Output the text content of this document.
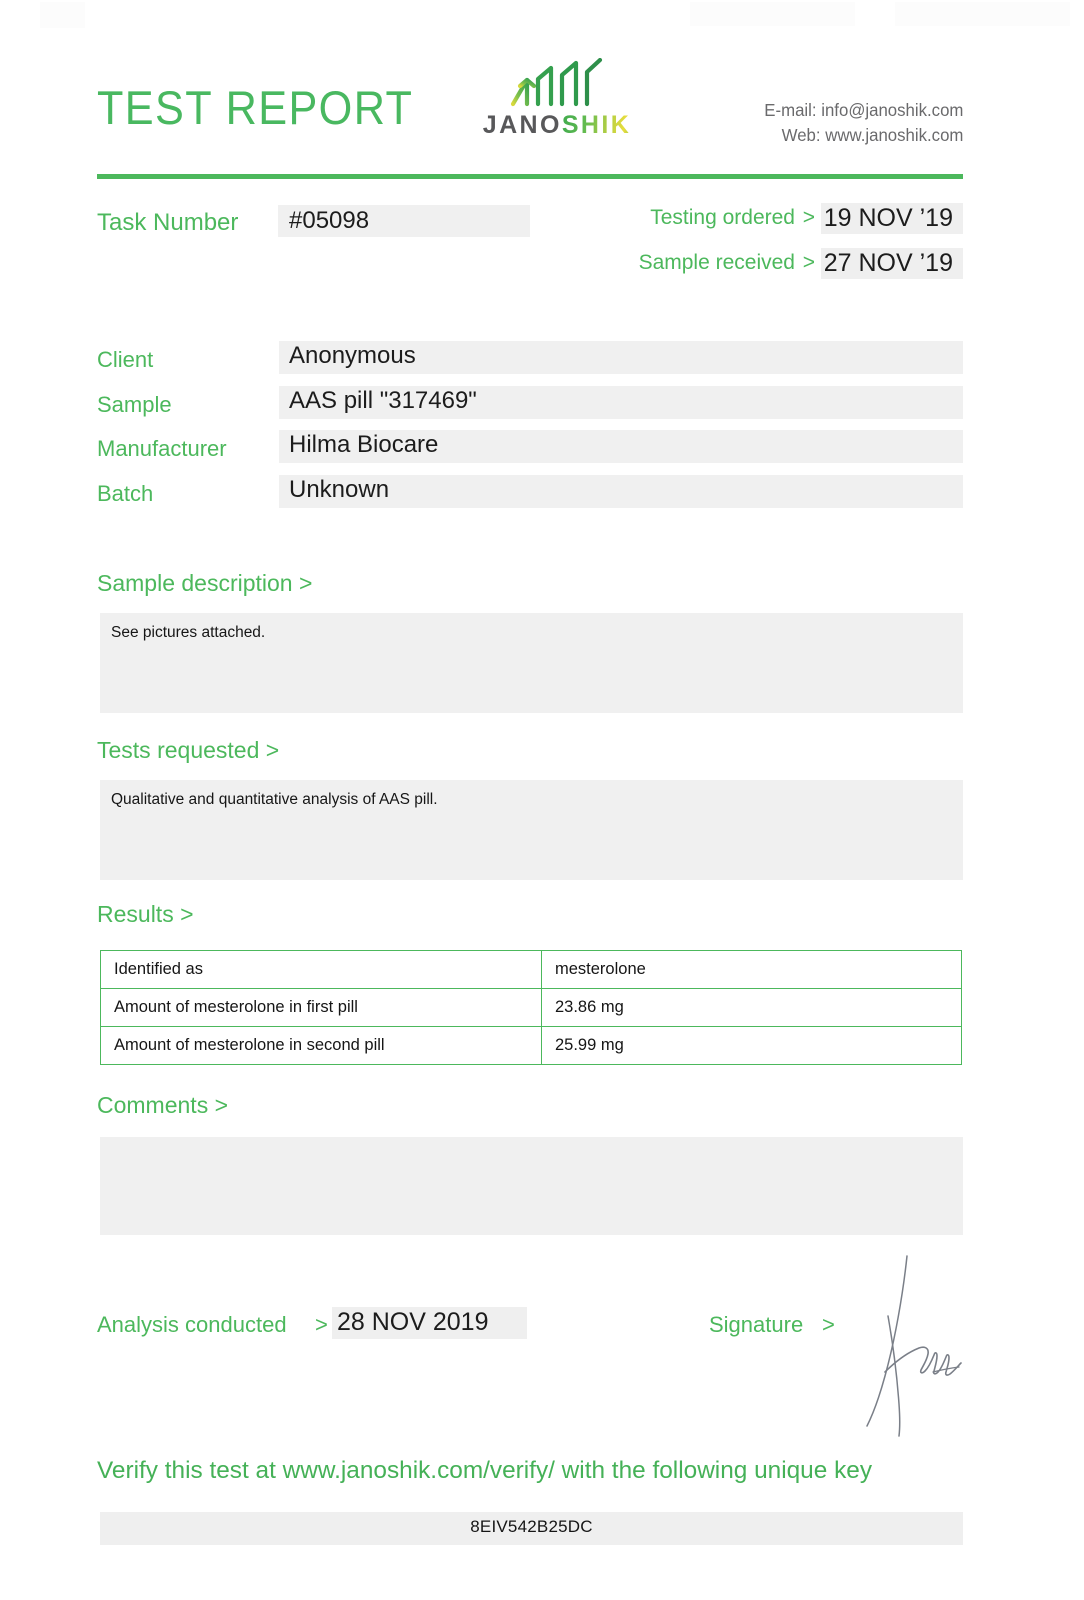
TEST REPORT	JANOSHIK
E-mail: info@janoshik.com
Web: www.janoshik.com
Task Number #05098	Testing ordered > 19 NOV ’19
Sample received > 27 NOV ’19
Client	Anonymous
Sample	AAS pill "317469"
Manufacturer	Hilma Biocare
Batch	Unknown
Sample description >
See pictures attached.
Tests requested >
Qualitative and quantitative analysis of AAS pill.
Results >
Identified as	mesterolone
Amount of mesterolone in first pill	23.86 mg
Amount of mesterolone in second pill	25.99 mg
Comments >
Analysis conducted > 28 NOV 2019	Signature >
Verify this test at www.janoshik.com/verify/ with the following unique key
8EIV542B25DC
